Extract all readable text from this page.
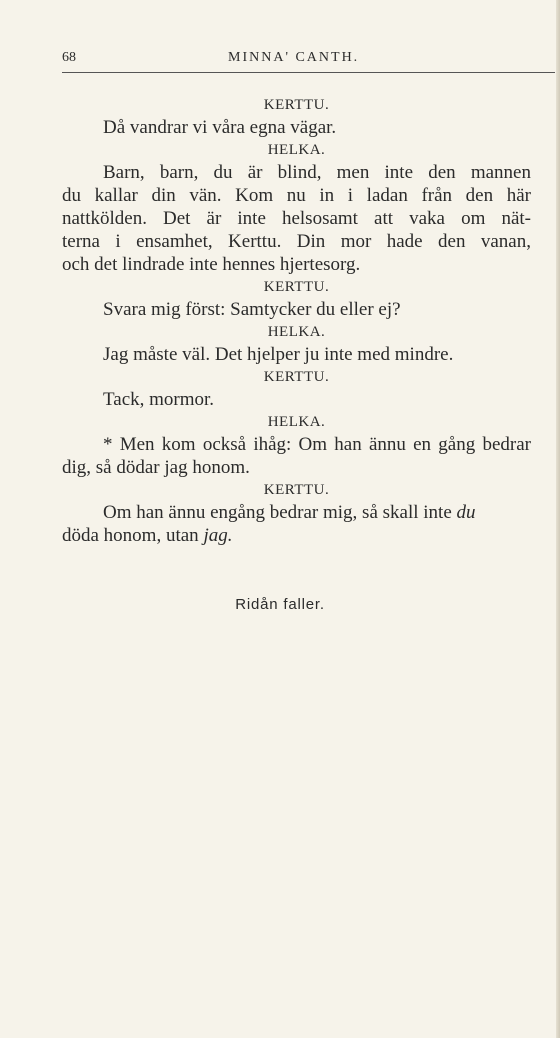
68	MINNA' CANTH.
KERTTU.
Då vandrar vi våra egna vägar.
HELKA.
Barn, barn, du är blind, men inte den mannen
du kallar din vän. Kom nu in i ladan från den här
nattkölden. Det är inte helsosamt att vaka om nät-
terna i ensamhet, Kerttu. Din mor hade den vanan,
och det lindrade inte hennes hjertesorg.
KERTTU.
Svara mig först: Samtycker du eller ej?
HELKA.
Jag måste väl. Det hjelper ju inte med mindre.
KERTTU.
Tack, mormor.
HELKA.
* Men kom också ihåg: Om han ännu en gång bedrar
dig, så dödar jag honom.
KERTTU.
Om han ännu engång bedrar mig, så skall inte du
döda honom, utan jag.
Ridån faller.
